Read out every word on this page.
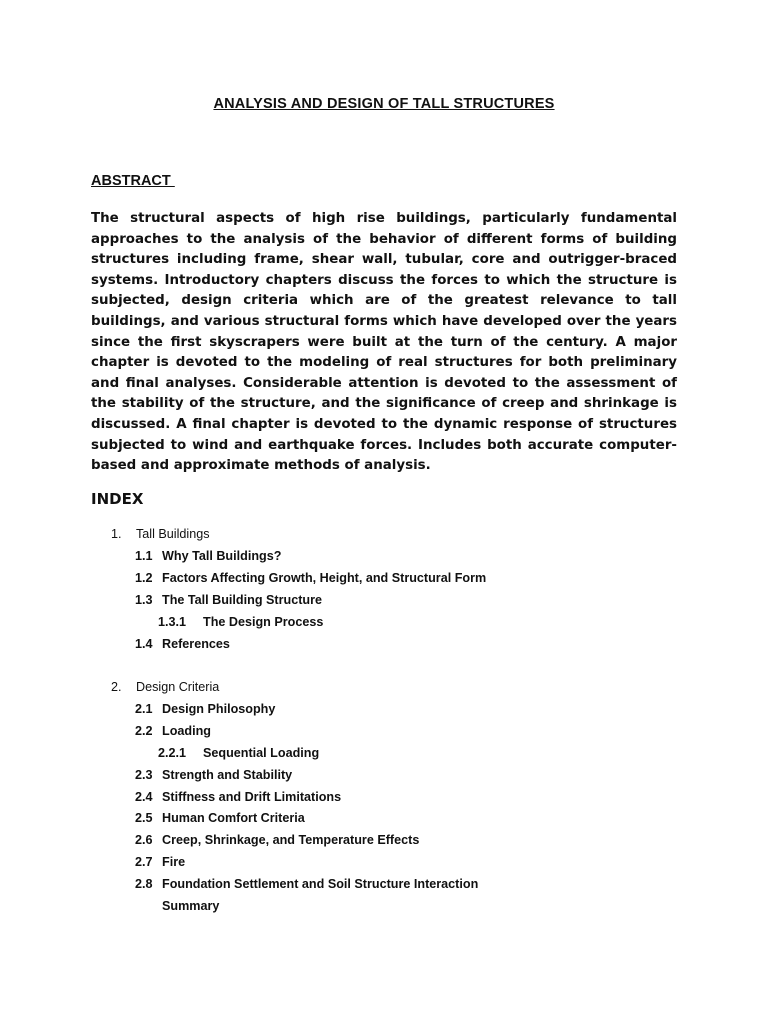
ANALYSIS AND DESIGN OF TALL STRUCTURES
ABSTRACT

The structural aspects of high rise buildings, particularly fundamental approaches to the analysis of the behavior of different forms of building structures including frame, shear wall, tubular, core and outrigger-braced systems. Introductory chapters discuss the forces to which the structure is subjected, design criteria which are of the greatest relevance to tall buildings, and various structural forms which have developed over the years since the first skyscrapers were built at the turn of the century. A major chapter is devoted to the modeling of real structures for both preliminary and final analyses. Considerable attention is devoted to the assessment of the stability of the structure, and the significance of creep and shrinkage is discussed. A final chapter is devoted to the dynamic response of structures subjected to wind and earthquake forces. Includes both accurate computer-based and approximate methods of analysis.

INDEX
1. Tall Buildings
1.1 Why Tall Buildings?
1.2 Factors Affecting Growth, Height, and Structural Form
1.3 The Tall Building Structure
1.3.1 The Design Process
1.4 References
2. Design Criteria
2.1 Design Philosophy
2.2 Loading
2.2.1 Sequential Loading
2.3 Strength and Stability
2.4 Stiffness and Drift Limitations
2.5 Human Comfort Criteria
2.6 Creep, Shrinkage, and Temperature Effects
2.7 Fire
2.8 Foundation Settlement and Soil Structure Interaction
Summary
